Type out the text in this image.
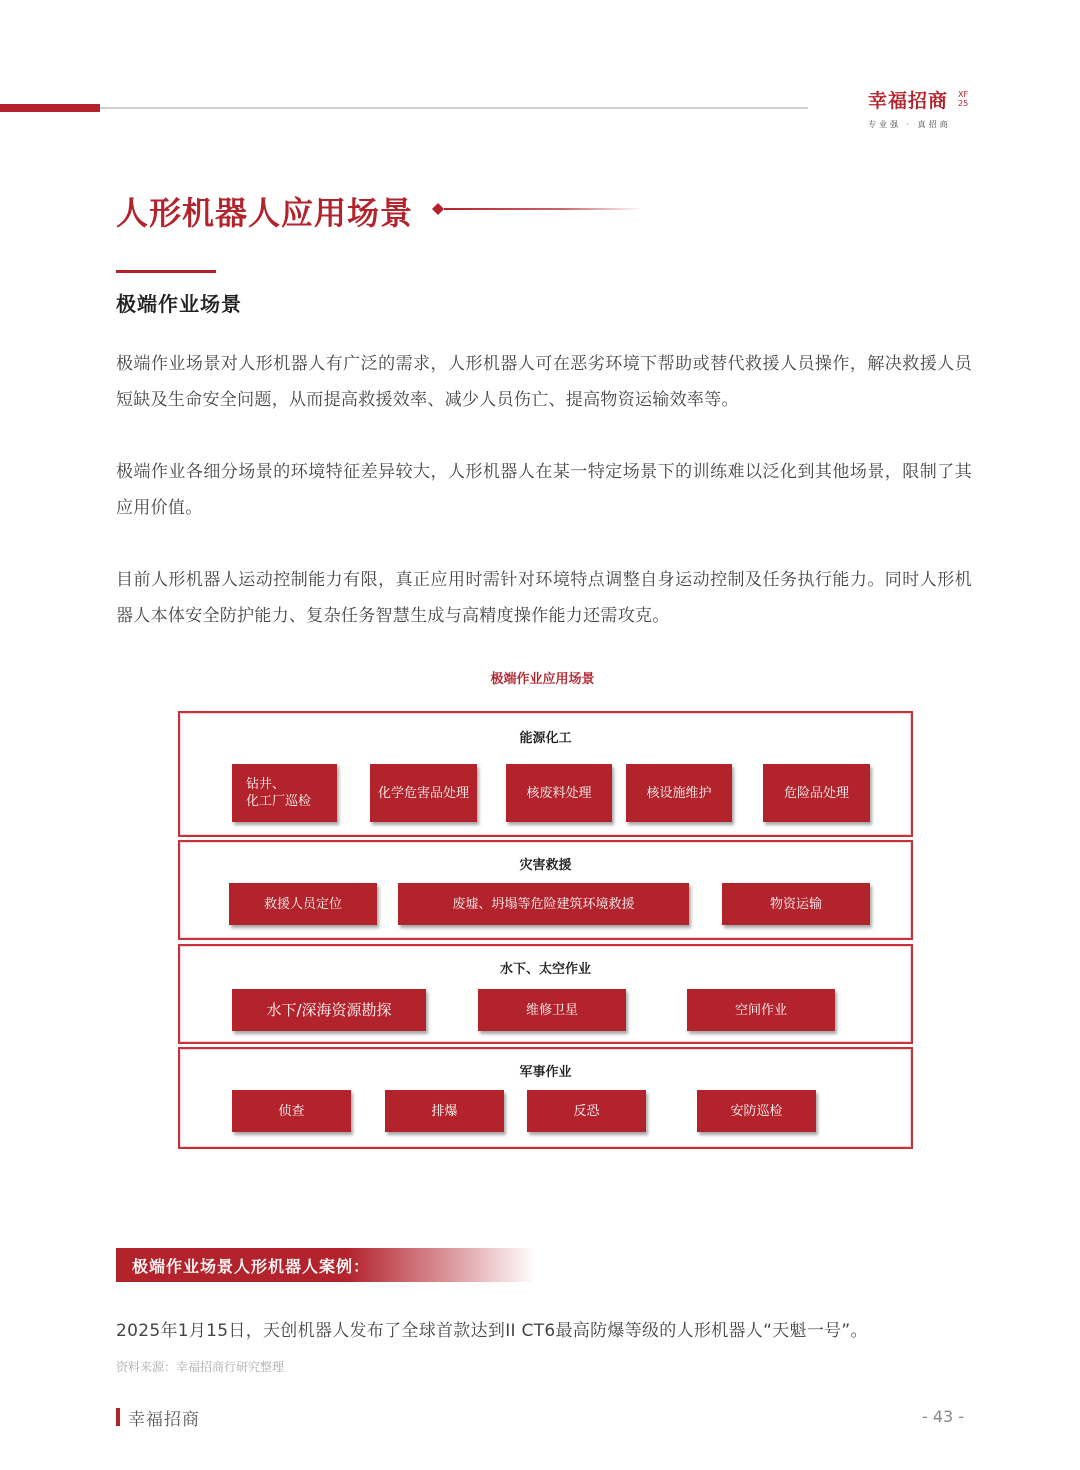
幸福招商	XF 25
专业强 · 真招商
人形机器人应用场景
极端作业场景
极端作业场景对人形机器人有广泛的需求，人形机器人可在恶劣环境下帮助或替代救援人员操作，解决救援人员短缺及生命安全问题，从而提高救援效率、减少人员伤亡、提高物资运输效率等。
极端作业各细分场景的环境特征差异较大，人形机器人在某一特定场景下的训练难以泛化到其他场景，限制了其应用价值。
目前人形机器人运动控制能力有限，真正应用时需针对环境特点调整自身运动控制及任务执行能力。同时人形机器人本体安全防护能力、复杂任务智慧生成与高精度操作能力还需攻克。
极端作业应用场景
能源化工
钻井、
化工厂巡检
化学危害品处理	核废料处理	核设施维护	危险品处理
灾害救援
救援人员定位	废墟、坍塌等危险建筑环境救援	物资运输
水下、太空作业
水下/深海资源勘探	维修卫星	空间作业
军事作业
侦查	排爆	反恐	安防巡检
极端作业场景人形机器人案例：
2025年1月15日，天创机器人发布了全球首款达到II CT6最高防爆等级的人形机器人“天魁一号”。
资料来源：幸福招商行研究整理
幸福招商	- 43 -
